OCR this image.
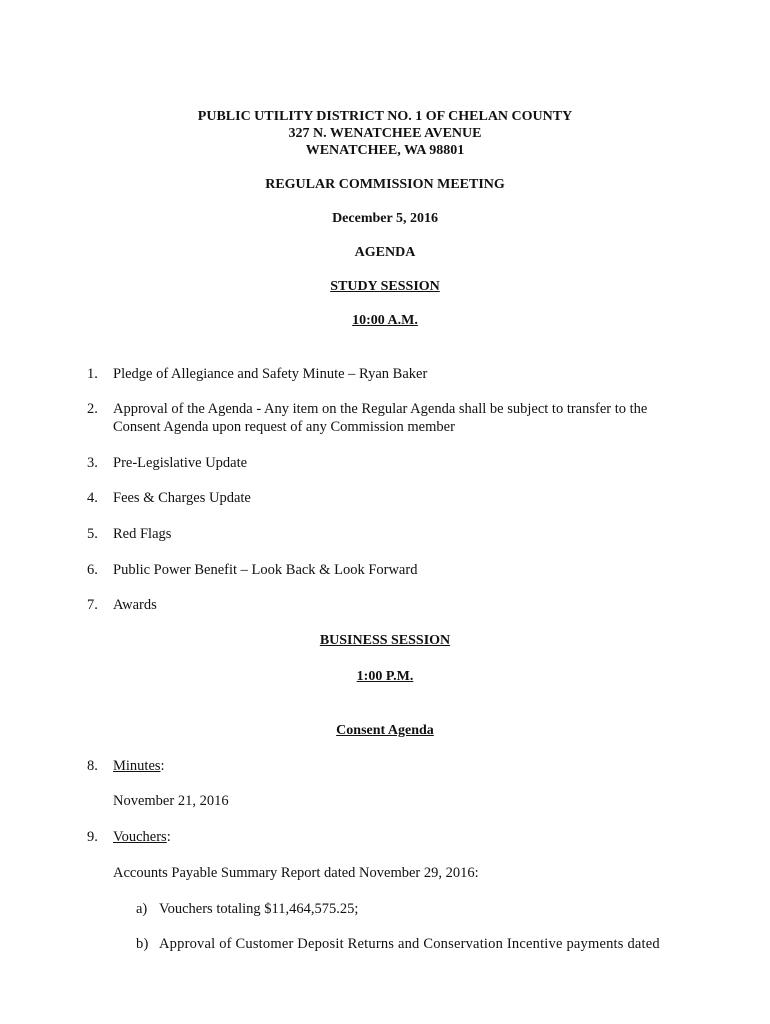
PUBLIC UTILITY DISTRICT NO. 1 OF CHELAN COUNTY
327 N. WENATCHEE AVENUE
WENATCHEE, WA 98801
REGULAR COMMISSION MEETING
December 5, 2016
AGENDA
STUDY SESSION
10:00 A.M.
1. Pledge of Allegiance and Safety Minute – Ryan Baker
2. Approval of the Agenda - Any item on the Regular Agenda shall be subject to transfer to the
Consent Agenda upon request of any Commission member
3. Pre-Legislative Update
4. Fees & Charges Update
5. Red Flags
6. Public Power Benefit – Look Back & Look Forward
7. Awards
BUSINESS SESSION
1:00 P.M.
Consent Agenda
8. Minutes:
November 21, 2016
9. Vouchers:
Accounts Payable Summary Report dated November 29, 2016:
a) Vouchers totaling $11,464,575.25;
b) Approval of Customer Deposit Returns and Conservation Incentive payments dated
